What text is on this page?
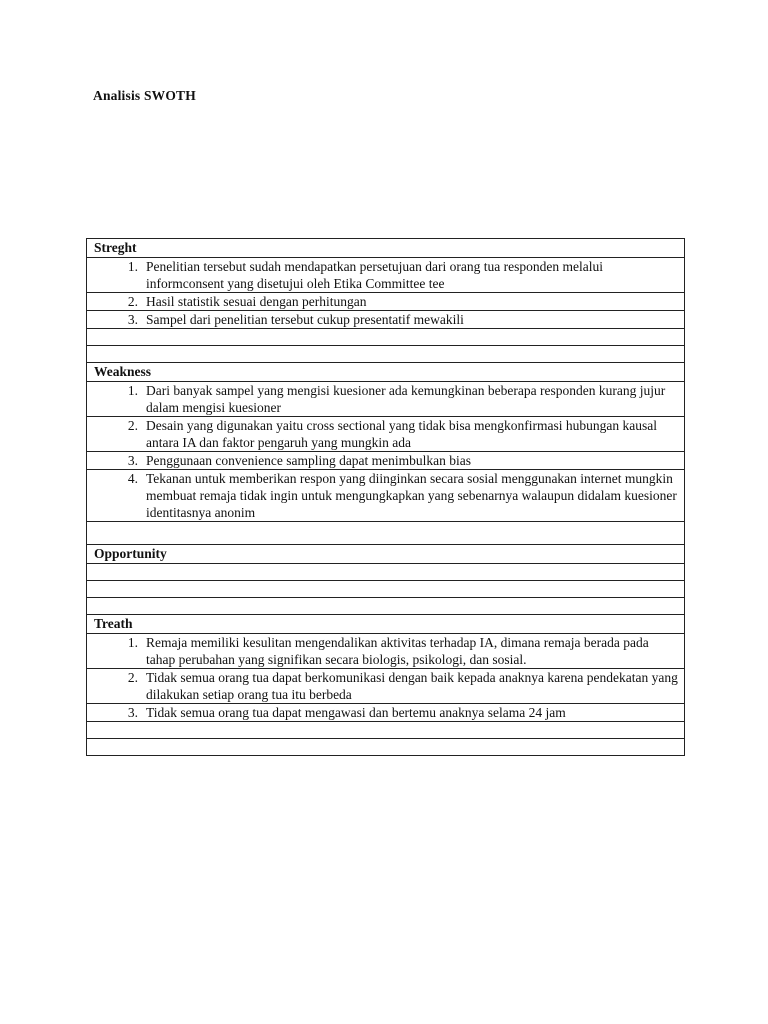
Analisis SWOTH
Streght

1. Penelitian tersebut sudah mendapatkan persetujuan dari orang tua responden melalui informconsent yang disetujui oleh Etika Committee tee

2. Hasil statistik sesuai dengan perhitungan

3. Sampel dari penelitian tersebut cukup presentatif mewakili

Weakness

1. Dari banyak sampel yang mengisi kuesioner ada kemungkinan beberapa responden kurang jujur dalam mengisi kuesioner

2. Desain yang digunakan yaitu cross sectional yang tidak bisa mengkonfirmasi hubungan kausal antara IA dan faktor pengaruh yang mungkin ada

3. Penggunaan convenience sampling dapat menimbulkan bias

4. Tekanan untuk memberikan respon yang diinginkan secara sosial menggunakan internet mungkin membuat remaja tidak ingin untuk mengungkapkan yang sebenarnya walaupun didalam kuesioner identitasnya anonim

Opportunity

Treath

1. Remaja memiliki kesulitan mengendalikan aktivitas terhadap IA, dimana remaja berada pada tahap perubahan yang signifikan secara biologis, psikologi, dan sosial.

2. Tidak semua orang tua dapat berkomunikasi dengan baik kepada anaknya karena pendekatan yang dilakukan setiap orang tua itu berbeda

3. Tidak semua orang tua dapat mengawasi dan bertemu anaknya selama 24 jam
